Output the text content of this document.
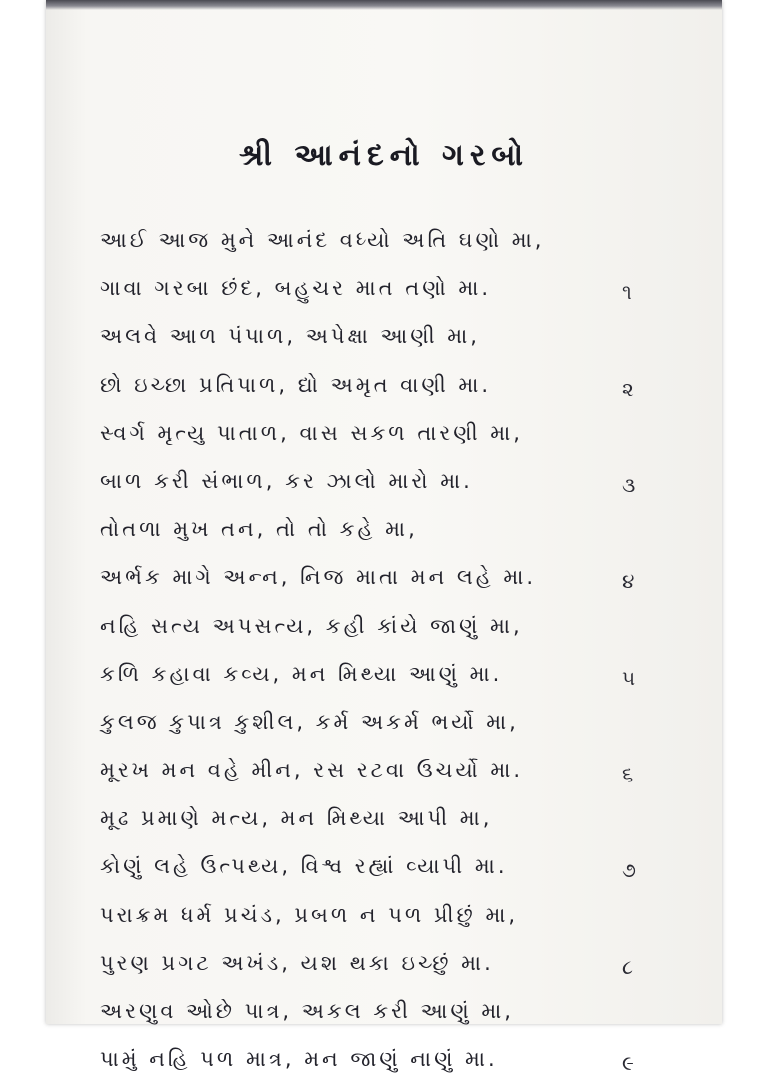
શ્રી આનંદનો ગરબો
આઈ આજ મુને આનંદ વધ્યો અતિ ઘણો મા,
ગાવા ગરબા છંદ, બહુચર માત તણો મા.	૧
અલવે આળ પંપાળ, અપેક્ષા આણી મા,
છો ઇચ્છા પ્રતિપાળ, દ્યો અમૃત વાણી મા.	૨
સ્વર્ગ મૃત્યુ પાતાળ, વાસ સકળ તારણી મા,
બાળ કરી સંભાળ, કર ઝાલો મારો મા.	૩
તોતળા મુખ તન, તો તો કહે મા,
અર્ભક માગે અન્ન, નિજ માતા મન લહે મા.	૪
નહિ સત્ય અપસત્ય, કહી કાંયે જાણું મા,
કળિ કહાવા કવ્ય, મન મિથ્યા આણું મા.	૫
કુલજ કુપાત્ર કુશીલ, કર્મ અકર્મ ભર્યો મા,
મૂરખ મન વહે મીન, રસ રટવા ઉચર્યો મા.	૬
મૂઢ પ્રમાણે મત્ય, મન મિથ્યા આપી મા,
કોણું લહે ઉત્પથ્ય, વિશ્વ રહ્યાં વ્યાપી મા.	૭
પરાક્રમ ધર્મ પ્રચંડ, પ્રબળ ન પળ પ્રીછું મા,
પુરણ પ્રગટ અખંડ, યશ થકા ઇચ્છું મા.	૮
અરણુવ ઓછે પાત્ર, અકલ કરી આણું મા,
પામું નહિ પળ માત્ર, મન જાણું નાણું મા.	૯
